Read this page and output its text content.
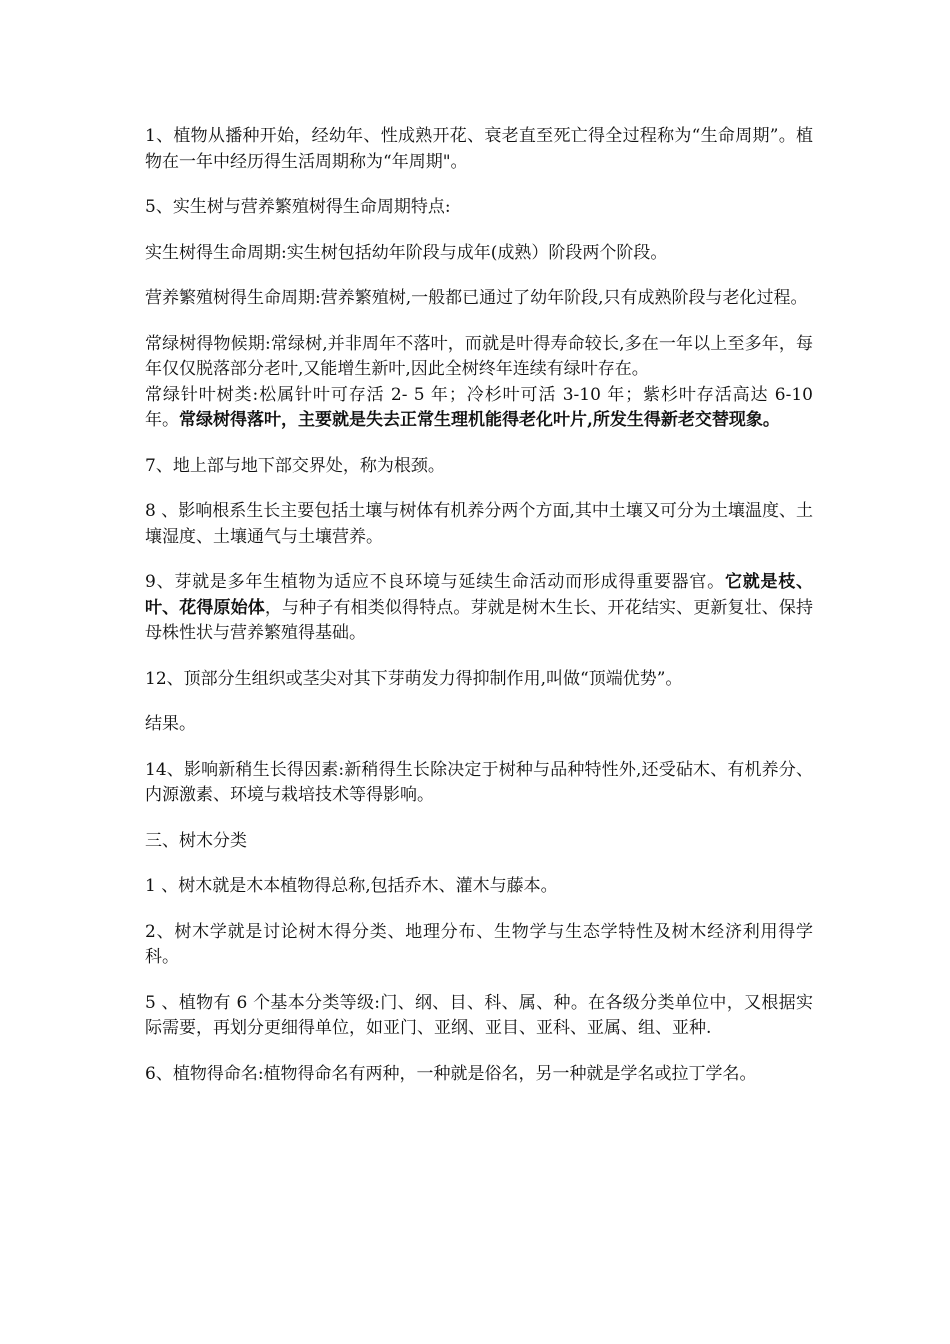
1、植物从播种开始，经幼年、性成熟开花、衰老直至死亡得全过程称为“生命周期”。植物在一年中经历得生活周期称为“年周期"。

5、实生树与营养繁殖树得生命周期特点:

实生树得生命周期:实生树包括幼年阶段与成年(成熟）阶段两个阶段。

营养繁殖树得生命周期:营养繁殖树,一般都已通过了幼年阶段,只有成熟阶段与老化过程。

常绿树得物候期:常绿树,并非周年不落叶，而就是叶得寿命较长,多在一年以上至多年，每年仅仅脱落部分老叶,又能增生新叶,因此全树终年连续有绿叶存在。

常绿针叶树类:松属针叶可存活 2- 5 年；冷杉叶可活 3-10 年；紫杉叶存活高达 6-10 年。常绿树得落叶，主要就是失去正常生理机能得老化叶片,所发生得新老交替现象。

7、地上部与地下部交界处，称为根颈。

8 、影响根系生长主要包括土壤与树体有机养分两个方面,其中土壤又可分为土壤温度、土壤湿度、土壤通气与土壤营养。

9、芽就是多年生植物为适应不良环境与延续生命活动而形成得重要器官。它就是枝、叶、花得原始体，与种子有相类似得特点。芽就是树木生长、开花结实、更新复壮、保持母株性状与营养繁殖得基础。

12、顶部分生组织或茎尖对其下芽萌发力得抑制作用,叫做“顶端优势”。

结果。

14、影响新稍生长得因素:新稍得生长除决定于树种与品种特性外,还受砧木、有机养分、内源激素、环境与栽培技术等得影响。

三、树木分类

1 、树木就是木本植物得总称,包括乔木、灌木与藤本。

2、树木学就是讨论树木得分类、地理分布、生物学与生态学特性及树木经济利用得学科。

5 、植物有 6 个基本分类等级:门、纲、目、科、属、种。在各级分类单位中，又根据实际需要，再划分更细得单位，如亚门、亚纲、亚目、亚科、亚属、组、亚种.

6、植物得命名:植物得命名有两种，一种就是俗名，另一种就是学名或拉丁学名。
